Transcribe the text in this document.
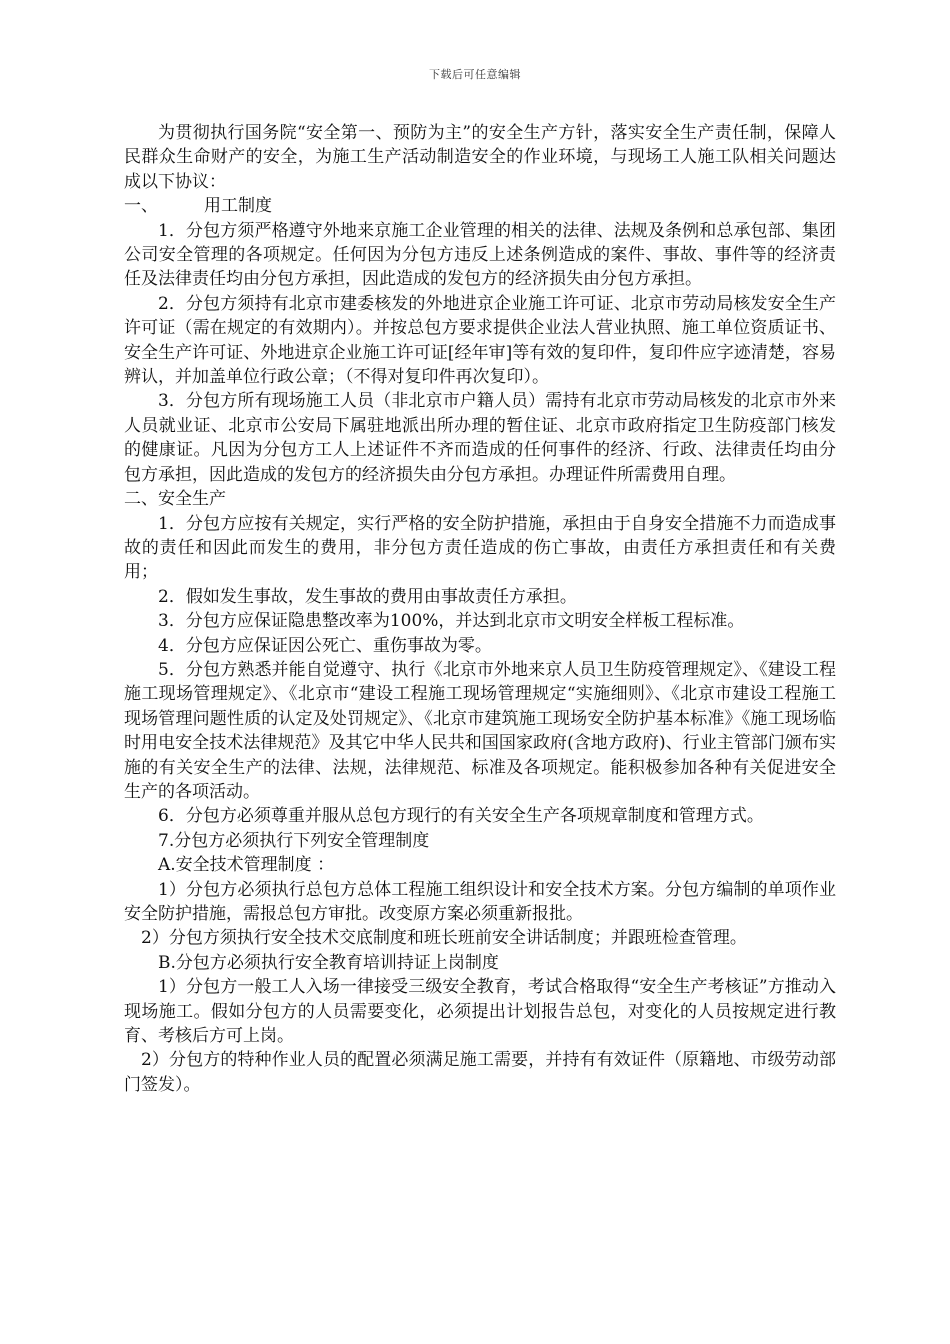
下载后可任意编辑

为贯彻执行国务院“安全第一、预防为主”的安全生产方针，落实安全生产责任制，保障人民群众生命财产的安全，为施工生产活动制造安全的作业环境，与现场工人施工队相关问题达成以下协议：

一、	用工制度

1．分包方须严格遵守外地来京施工企业管理的相关的法律、法规及条例和总承包部、集团公司安全管理的各项规定。任何因为分包方违反上述条例造成的案件、事故、事件等的经济责任及法律责任均由分包方承担，因此造成的发包方的经济损失由分包方承担。

2．分包方须持有北京市建委核发的外地进京企业施工许可证、北京市劳动局核发安全生产许可证（需在规定的有效期内）。并按总包方要求提供企业法人营业执照、施工单位资质证书、安全生产许可证、外地进京企业施工许可证[经年审]等有效的复印件，复印件应字迹清楚，容易辨认，并加盖单位行政公章；（不得对复印件再次复印）。

3．分包方所有现场施工人员（非北京市户籍人员）需持有北京市劳动局核发的北京市外来人员就业证、北京市公安局下属驻地派出所办理的暂住证、北京市政府指定卫生防疫部门核发的健康证。凡因为分包方工人上述证件不齐而造成的任何事件的经济、行政、法律责任均由分包方承担，因此造成的发包方的经济损失由分包方承担。办理证件所需费用自理。

二、安全生产

1．分包方应按有关规定，实行严格的安全防护措施，承担由于自身安全措施不力而造成事故的责任和因此而发生的费用，非分包方责任造成的伤亡事故，由责任方承担责任和有关费用；

2．假如发生事故，发生事故的费用由事故责任方承担。

3．分包方应保证隐患整改率为100%，并达到北京市文明安全样板工程标准。

4．分包方应保证因公死亡、重伤事故为零。

5．分包方熟悉并能自觉遵守、执行《北京市外地来京人员卫生防疫管理规定》、《建设工程施工现场管理规定》、《北京市“建设工程施工现场管理规定“实施细则》、《北京市建设工程施工现场管理问题性质的认定及处罚规定》、《北京市建筑施工现场安全防护基本标准》《施工现场临时用电安全技术法律规范》及其它中华人民共和国国家政府(含地方政府)、行业主管部门颁布实施的有关安全生产的法律、法规，法律规范、标准及各项规定。能积极参加各种有关促进安全生产的各项活动。

6．分包方必须尊重并服从总包方现行的有关安全生产各项规章制度和管理方式。

7.分包方必须执行下列安全管理制度

A.安全技术管理制度 ：

1）分包方必须执行总包方总体工程施工组织设计和安全技术方案。分包方编制的单项作业安全防护措施，需报总包方审批。改变原方案必须重新报批。

2）分包方须执行安全技术交底制度和班长班前安全讲话制度；并跟班检查管理。

B.分包方必须执行安全教育培训持证上岗制度

1）分包方一般工人入场一律接受三级安全教育，考试合格取得“安全生产考核证”方推动入现场施工。假如分包方的人员需要变化，必须提出计划报告总包，对变化的人员按规定进行教育、考核后方可上岗。

2）分包方的特种作业人员的配置必须满足施工需要，并持有有效证件（原籍地、市级劳动部门签发）。
